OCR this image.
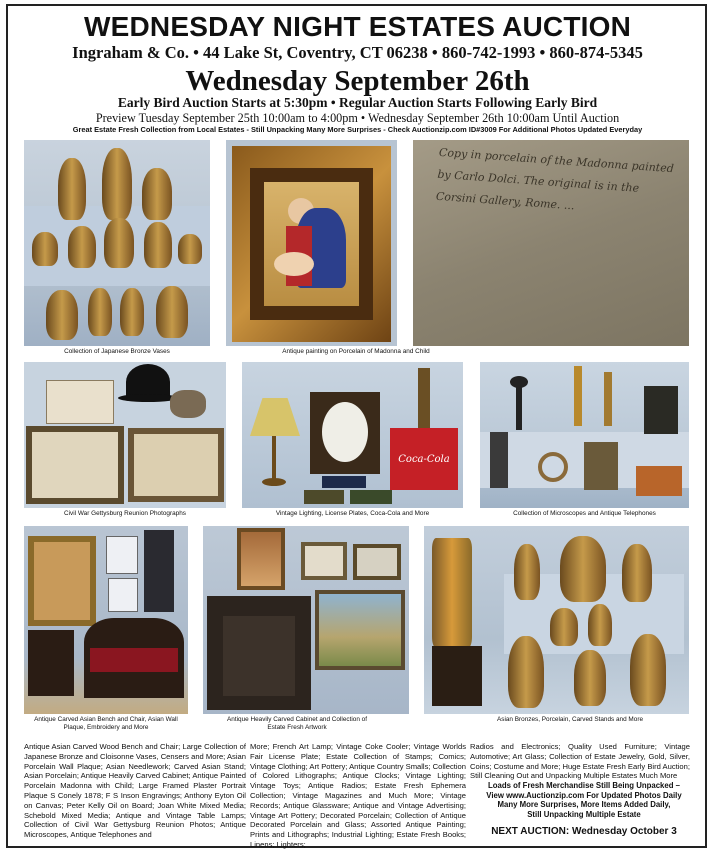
WEDNESDAY NIGHT ESTATES AUCTION
Ingraham & Co. • 44 Lake St, Coventry, CT 06238 • 860-742-1993 • 860-874-5345
Wednesday September 26th
Early Bird Auction Starts at 5:30pm • Regular Auction Starts Following Early Bird
Preview Tuesday September 25th 10:00am to 4:00pm • Wednesday September 26th 10:00am Until Auction
Great Estate Fresh Collection from Local Estates - Still Unpacking Many More Surprises - Check Auctionzip.com ID#3009 For Additional Photos Updated Everyday
Collection of Japanese Bronze Vases	Antique painting on Porcelain of Madonna and Child
Copy in porcelain of the Madonna painted by Carlo Dolci. The original is in the Corsini Gallery, Rome. ...
Civil War Gettysburg Reunion Photographs
Coca-Cola
Vintage Lighting, License Plates, Coca-Cola and More	Collection of Microscopes and Antique Telephones
Antique Carved Asian Bench and Chair, Asian Wall Plaque, Embroidery and More
Antique Heavily Carved Cabinet and Collection of Estate Fresh Artwork
Asian Bronzes, Porcelain, Carved Stands and More
Antique Asian Carved Wood Bench and Chair; Large Collection of Japanese Bronze and Cloisonne Vases, Censers and More; Asian Porcelain Wall Plaque; Asian Needlework; Carved Asian Stand; Asian Porcelain; Antique Heavily Carved Cabinet; Antique Painted Porcelain Madonna with Child; Large Framed Plaster Portrait Plaque S Conely 1878; F S Inson Engravings; Anthony Eyton Oil on Canvas; Peter Kelly Oil on Board; Joan White Mixed Media; Schebold Mixed Media; Antique and Vintage Table Lamps; Collection of Civil War Gettysburg Reunion Photos; Antique Microscopes, Antique Telephones and
More; French Art Lamp; Vintage Coke Cooler; Vintage Worlds Fair License Plate; Estate Collection of Stamps; Comics; Vintage Clothing; Art Pottery; Antique Country Smalls; Collection of Colored Lithographs; Antique Clocks; Vintage Lighting; Vintage Toys; Antique Radios; Estate Fresh Ephemera Collection; Vintage Magazines and Much More; Vintage Records; Antique Glassware; Antique and Vintage Advertising; Vintage Art Pottery; Decorated Porcelain; Collection of Antique Decorated Porcelain and Glass; Assorted Antique Painting; Prints and Lithographs; Industrial Lighting; Estate Fresh Books; Linens; Lighters;
Radios and Electronics; Quality Used Furniture; Vintage Automotive; Art Glass; Collection of Estate Jewelry, Gold, Silver, Coins; Costume and More; Huge Estate Fresh Early Bird Auction; Still Cleaning Out and Unpacking Multiple Estates Much More
Loads of Fresh Merchandise Still Being Unpacked –
View www.Auctionzip.com For Updated Photos Daily
Many More Surprises, More Items Added Daily,
Still Unpacking Multiple Estate
NEXT AUCTION: Wednesday October 3
